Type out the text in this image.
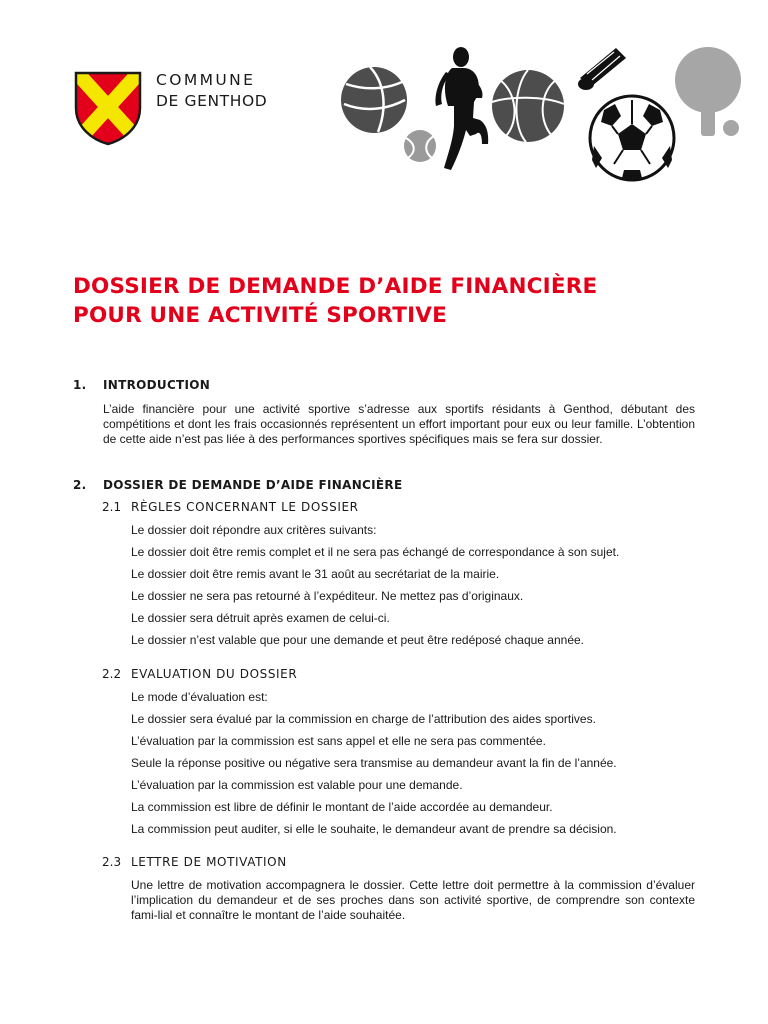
COMMUNE
DE GENTHOD
DOSSIER DE DEMANDE D’AIDE FINANCIÈRE
POUR UNE ACTIVITÉ SPORTIVE
1. INTRODUCTION
L’aide financière pour une activité sportive s’adresse aux sportifs résidants à Genthod, débutant des compétitions et dont les frais occasionnés représentent un effort important pour eux ou leur famille. L’obtention de cette aide n’est pas liée à des performances sportives spécifiques mais se fera sur dossier.
2. DOSSIER DE DEMANDE D’AIDE FINANCIÈRE
2.1 RÈGLES CONCERNANT LE DOSSIER
Le dossier doit répondre aux critères suivants:
Le dossier doit être remis complet et il ne sera pas échangé de correspondance à son sujet.
Le dossier doit être remis avant le 31 août au secrétariat de la mairie.
Le dossier ne sera pas retourné à l’expéditeur. Ne mettez pas d’originaux.
Le dossier sera détruit après examen de celui-ci.
Le dossier n’est valable que pour une demande et peut être redéposé chaque année.
2.2 EVALUATION DU DOSSIER
Le mode d’évaluation est:
Le dossier sera évalué par la commission en charge de l’attribution des aides sportives.
L’évaluation par la commission est sans appel et elle ne sera pas commentée.
Seule la réponse positive ou négative sera transmise au demandeur avant la fin de l’année.
L’évaluation par la commission est valable pour une demande.
La commission est libre de définir le montant de l’aide accordée au demandeur.
La commission peut auditer, si elle le souhaite, le demandeur avant de prendre sa décision.
2.3 LETTRE DE MOTIVATION
Une lettre de motivation accompagnera le dossier. Cette lettre doit permettre à la commission d’évaluer l’implication du demandeur et de ses proches dans son activité sportive, de comprendre son contexte fami-lial et connaître le montant de l’aide souhaitée.
